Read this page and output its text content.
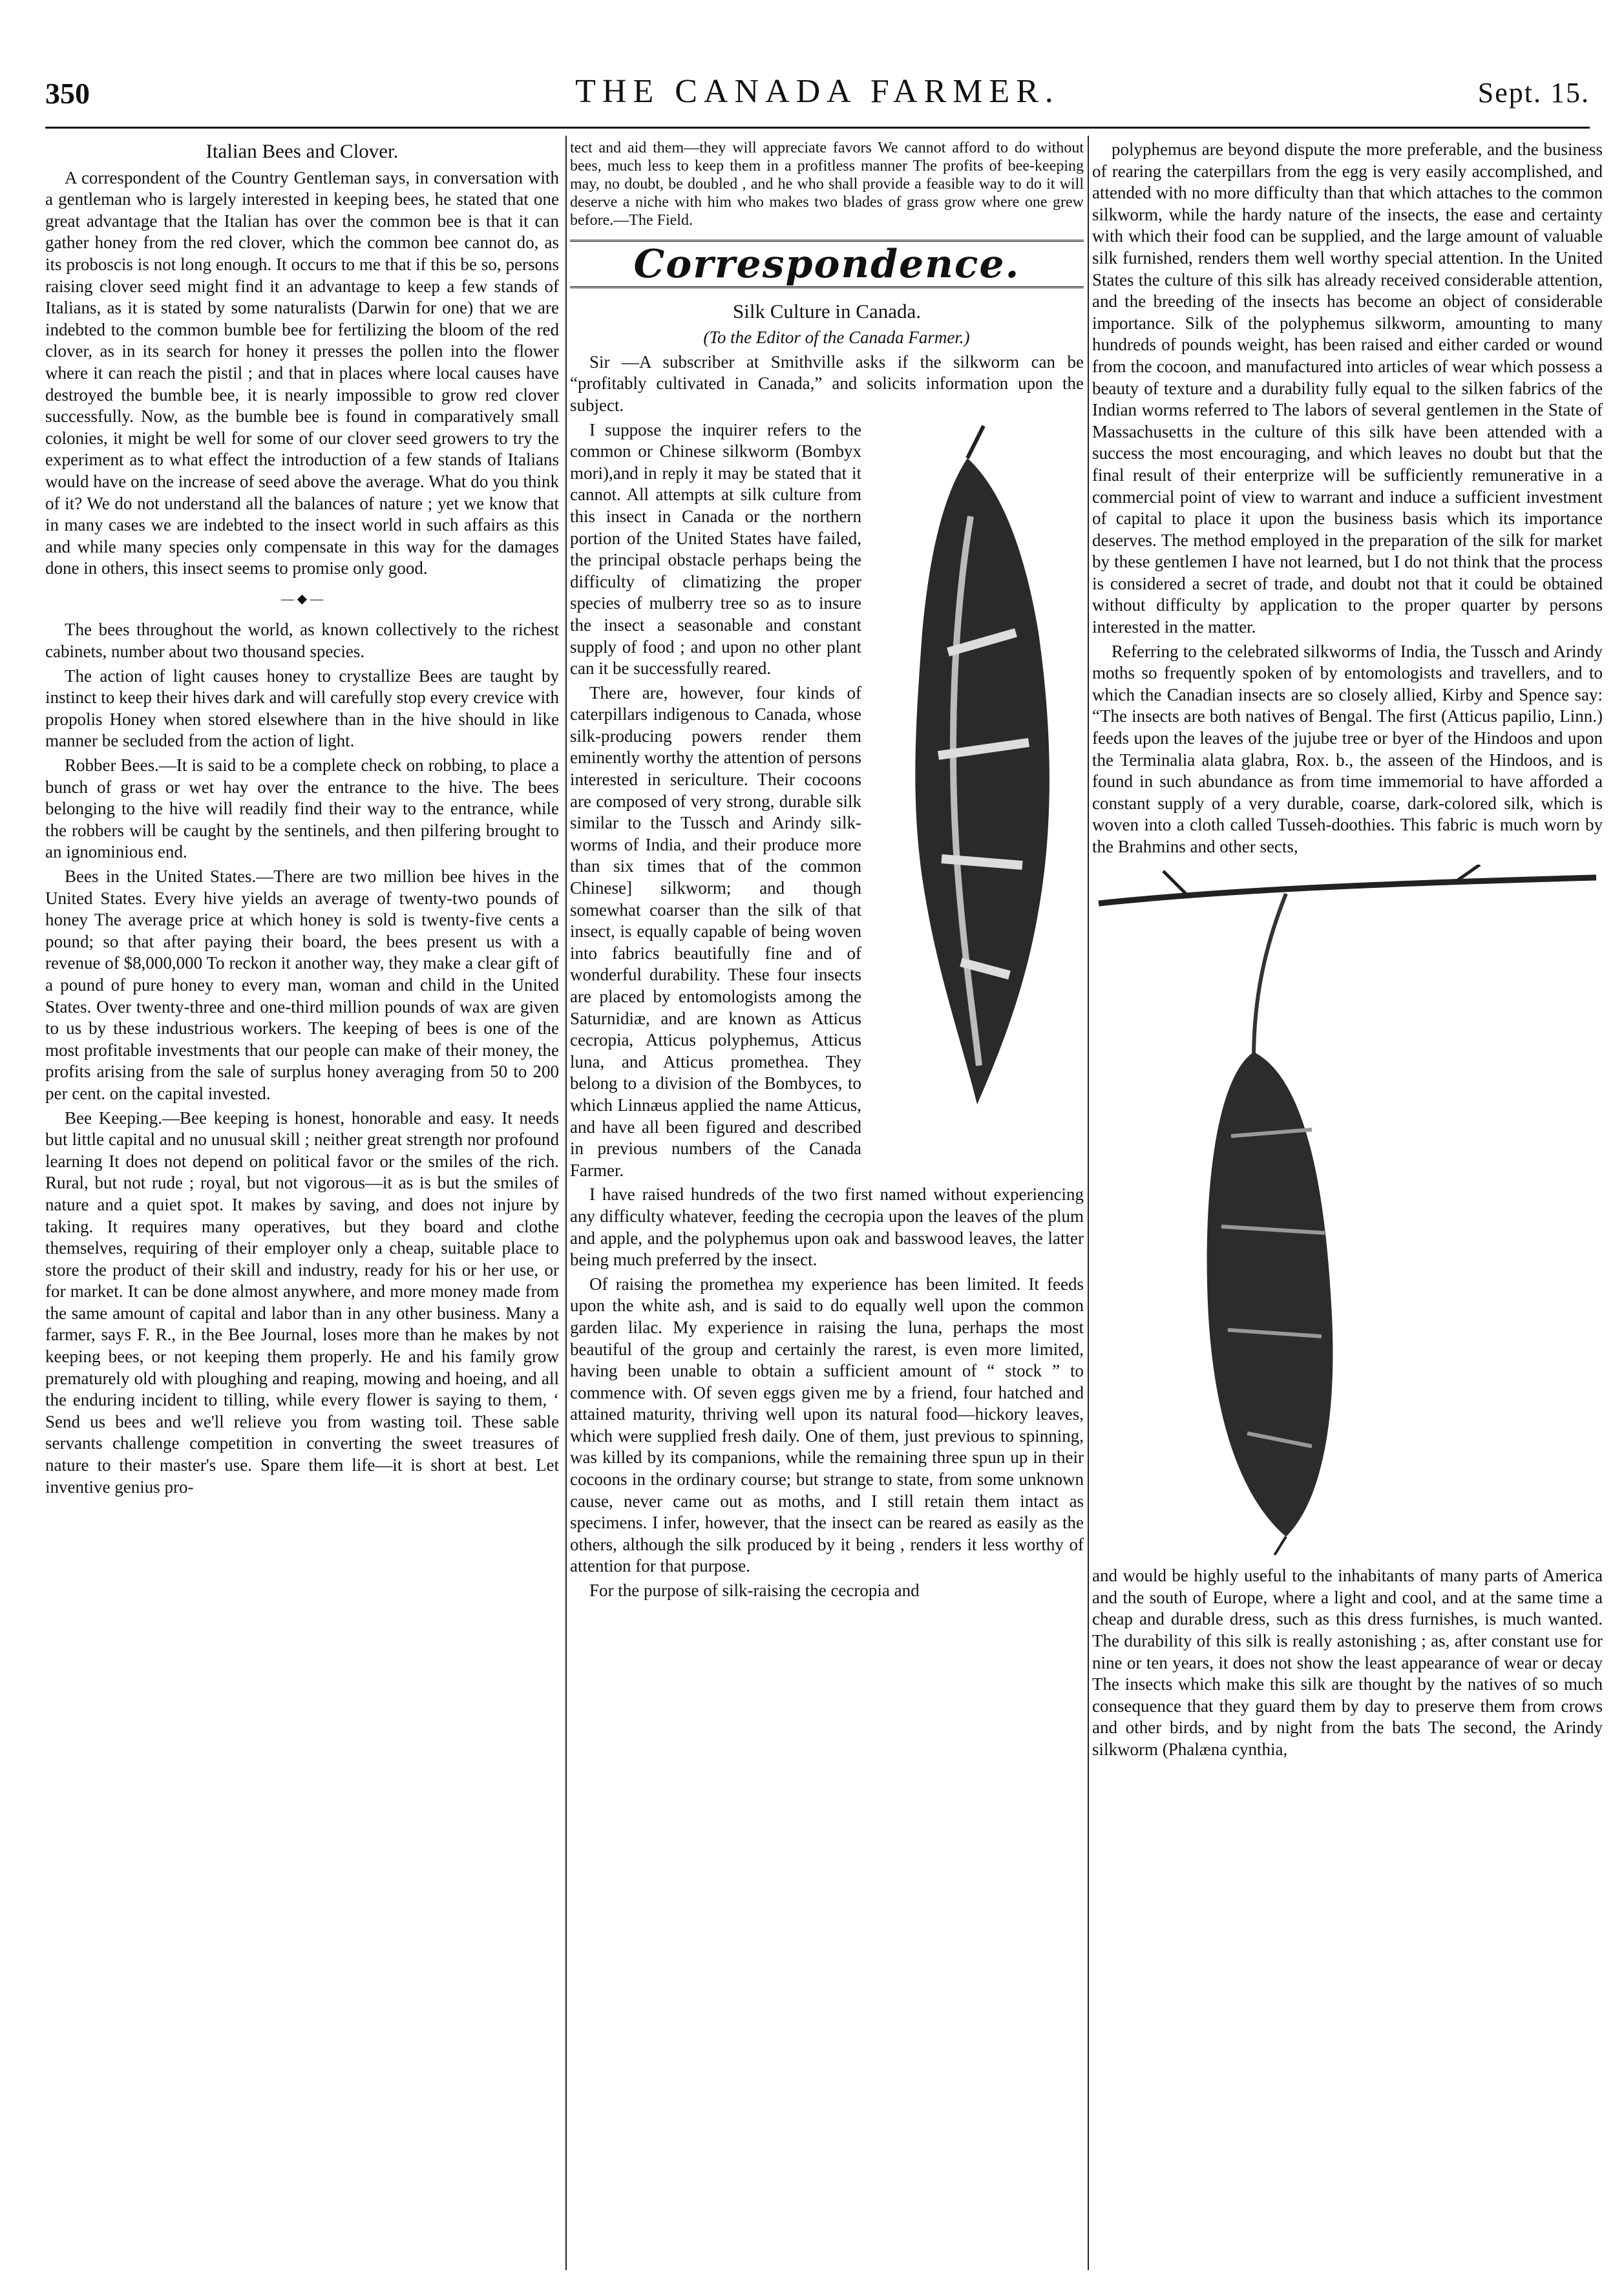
350	THE CANADA FARMER.	Sept. 15.
Italian Bees and Clover.

A correspondent of the Country Gentleman says, in conversation with a gentleman who is largely interested in keeping bees, he stated that one great advantage that the Italian has over the common bee is that it can gather honey from the red clover, which the common bee cannot do, as its proboscis is not long enough. It occurs to me that if this be so, persons raising clover seed might find it an advantage to keep a few stands of Italians, as it is stated by some naturalists (Darwin for one) that we are indebted to the common bumble bee for fertilizing the bloom of the red clover, as in its search for honey it presses the pollen into the flower where it can reach the pistil ; and that in places where local causes have destroyed the bumble bee, it is nearly impossible to grow red clover successfully. Now, as the bumble bee is found in comparatively small colonies, it might be well for some of our clover seed growers to try the experiment as to what effect the introduction of a few stands of Italians would have on the increase of seed above the average. What do you think of it? We do not understand all the balances of nature ; yet we know that in many cases we are indebted to the insect world in such affairs as this and while many species only compensate in this way for the damages done in others, this insect seems to promise only good.

— ◆ —

The bees throughout the world, as known collectively to the richest cabinets, number about two thousand species.

The action of light causes honey to crystallize Bees are taught by instinct to keep their hives dark and will carefully stop every crevice with propolis Honey when stored elsewhere than in the hive should in like manner be secluded from the action of light.

Robber Bees.—It is said to be a complete check on robbing, to place a bunch of grass or wet hay over the entrance to the hive. The bees belonging to the hive will readily find their way to the entrance, while the robbers will be caught by the sentinels, and then pilfering brought to an ignominious end.

Bees in the United States.—There are two million bee hives in the United States. Every hive yields an average of twenty-two pounds of honey The average price at which honey is sold is twenty-five cents a pound; so that after paying their board, the bees present us with a revenue of $8,000,000 To reckon it another way, they make a clear gift of a pound of pure honey to every man, woman and child in the United States. Over twenty-three and one-third million pounds of wax are given to us by these industrious workers. The keeping of bees is one of the most profitable investments that our people can make of their money, the profits arising from the sale of surplus honey averaging from 50 to 200 per cent. on the capital invested.

Bee Keeping.—Bee keeping is honest, honorable and easy. It needs but little capital and no unusual skill ; neither great strength nor profound learning It does not depend on political favor or the smiles of the rich. Rural, but not rude ; royal, but not vigorous—it as is but the smiles of nature and a quiet spot. It makes by saving, and does not injure by taking. It requires many operatives, but they board and clothe themselves, requiring of their employer only a cheap, suitable place to store the product of their skill and industry, ready for his or her use, or for market. It can be done almost anywhere, and more money made from the same amount of capital and labor than in any other business. Many a farmer, says F. R., in the Bee Journal, loses more than he makes by not keeping bees, or not keeping them properly. He and his family grow prematurely old with ploughing and reaping, mowing and hoeing, and all the enduring incident to tilling, while every flower is saying to them, ‘ Send us bees and we'll relieve you from wasting toil. These sable servants challenge competition in converting the sweet treasures of nature to their master's use. Spare them life—it is short at best. Let inventive genius pro-

tect and aid them—they will appreciate favors We cannot afford to do without bees, much less to keep them in a profitless manner The profits of bee-keeping may, no doubt, be doubled , and he who shall provide a feasible way to do it will deserve a niche with him who makes two blades of grass grow where one grew before.—The Field.

Correspondence.
Silk Culture in Canada.

(To the Editor of the Canada Farmer.)

Sir —A subscriber at Smithville asks if the silkworm can be “profitably cultivated in Canada,” and solicits information upon the subject.

I suppose the inquirer refers to the common or Chinese silkworm (Bombyx mori),and in reply it may be stated that it cannot. All attempts at silk culture from this insect in Canada or the northern portion of the United States have failed, the principal obstacle perhaps being the difficulty of climatizing the proper species of mulberry tree so as to insure the insect a seasonable and constant supply of food ; and upon no other plant can it be successfully reared.

There are, however, four kinds of caterpillars indigenous to Canada, whose silk-producing powers render them eminently worthy the attention of persons interested in sericulture. Their cocoons are composed of very strong, durable silk similar to the Tussch and Arindy silk-worms of India, and their produce more than six times that of the common Chinese] silkworm; and though somewhat coarser than the silk of that insect, is equally capable of being woven into fabrics beautifully fine and of wonderful durability. These four insects are placed by entomologists among the Saturnidiæ, and are known as Atticus cecropia, Atticus polyphemus, Atticus luna, and Atticus promethea. They belong to a division of the Bombyces, to which Linnæus applied the name Atticus, and have all been figured and described in previous numbers of the Canada Farmer.

I have raised hundreds of the two first named without experiencing any difficulty whatever, feeding the cecropia upon the leaves of the plum and apple, and the polyphemus upon oak and basswood leaves, the latter being much preferred by the insect.

Of raising the promethea my experience has been limited. It feeds upon the white ash, and is said to do equally well upon the common garden lilac. My experience in raising the luna, perhaps the most beautiful of the group and certainly the rarest, is even more limited, having been unable to obtain a sufficient amount of “ stock ” to commence with. Of seven eggs given me by a friend, four hatched and attained maturity, thriving well upon its natural food—hickory leaves, which were supplied fresh daily. One of them, just previous to spinning, was killed by its companions, while the remaining three spun up in their cocoons in the ordinary course; but strange to state, from some unknown cause, never came out as moths, and I still retain them intact as specimens. I infer, however, that the insect can be reared as easily as the others, although the silk produced by it being , renders it less worthy of attention for that purpose.

For the purpose of silk-raising the cecropia and

polyphemus are beyond dispute the more preferable, and the business of rearing the caterpillars from the egg is very easily accomplished, and attended with no more difficulty than that which attaches to the common silkworm, while the hardy nature of the insects, the ease and certainty with which their food can be supplied, and the large amount of valuable silk furnished, renders them well worthy special attention. In the United States the culture of this silk has already received considerable attention, and the breeding of the insects has become an object of considerable importance. Silk of the polyphemus silkworm, amounting to many hundreds of pounds weight, has been raised and either carded or wound from the cocoon, and manufactured into articles of wear which possess a beauty of texture and a durability fully equal to the silken fabrics of the Indian worms referred to The labors of several gentlemen in the State of Massachusetts in the culture of this silk have been attended with a success the most encouraging, and which leaves no doubt but that the final result of their enterprize will be sufficiently remunerative in a commercial point of view to warrant and induce a sufficient investment of capital to place it upon the business basis which its importance deserves. The method employed in the preparation of the silk for market by these gentlemen I have not learned, but I do not think that the process is considered a secret of trade, and doubt not that it could be obtained without difficulty by application to the proper quarter by persons interested in the matter.

Referring to the celebrated silkworms of India, the Tussch and Arindy moths so frequently spoken of by entomologists and travellers, and to which the Canadian insects are so closely allied, Kirby and Spence say: “The insects are both natives of Bengal. The first (Atticus papilio, Linn.) feeds upon the leaves of the jujube tree or byer of the Hindoos and upon the Terminalia alata glabra, Rox. b., the asseen of the Hindoos, and is found in such abundance as from time immemorial to have afforded a constant supply of a very durable, coarse, dark-colored silk, which is woven into a cloth called Tusseh-doothies. This fabric is much worn by the Brahmins and other sects,

and would be highly useful to the inhabitants of many parts of America and the south of Europe, where a light and cool, and at the same time a cheap and durable dress, such as this dress furnishes, is much wanted. The durability of this silk is really astonishing ; as, after constant use for nine or ten years, it does not show the least appearance of wear or decay The insects which make this silk are thought by the natives of so much consequence that they guard them by day to preserve them from crows and other birds, and by night from the bats The second, the Arindy silkworm (Phalæna cynthia,
